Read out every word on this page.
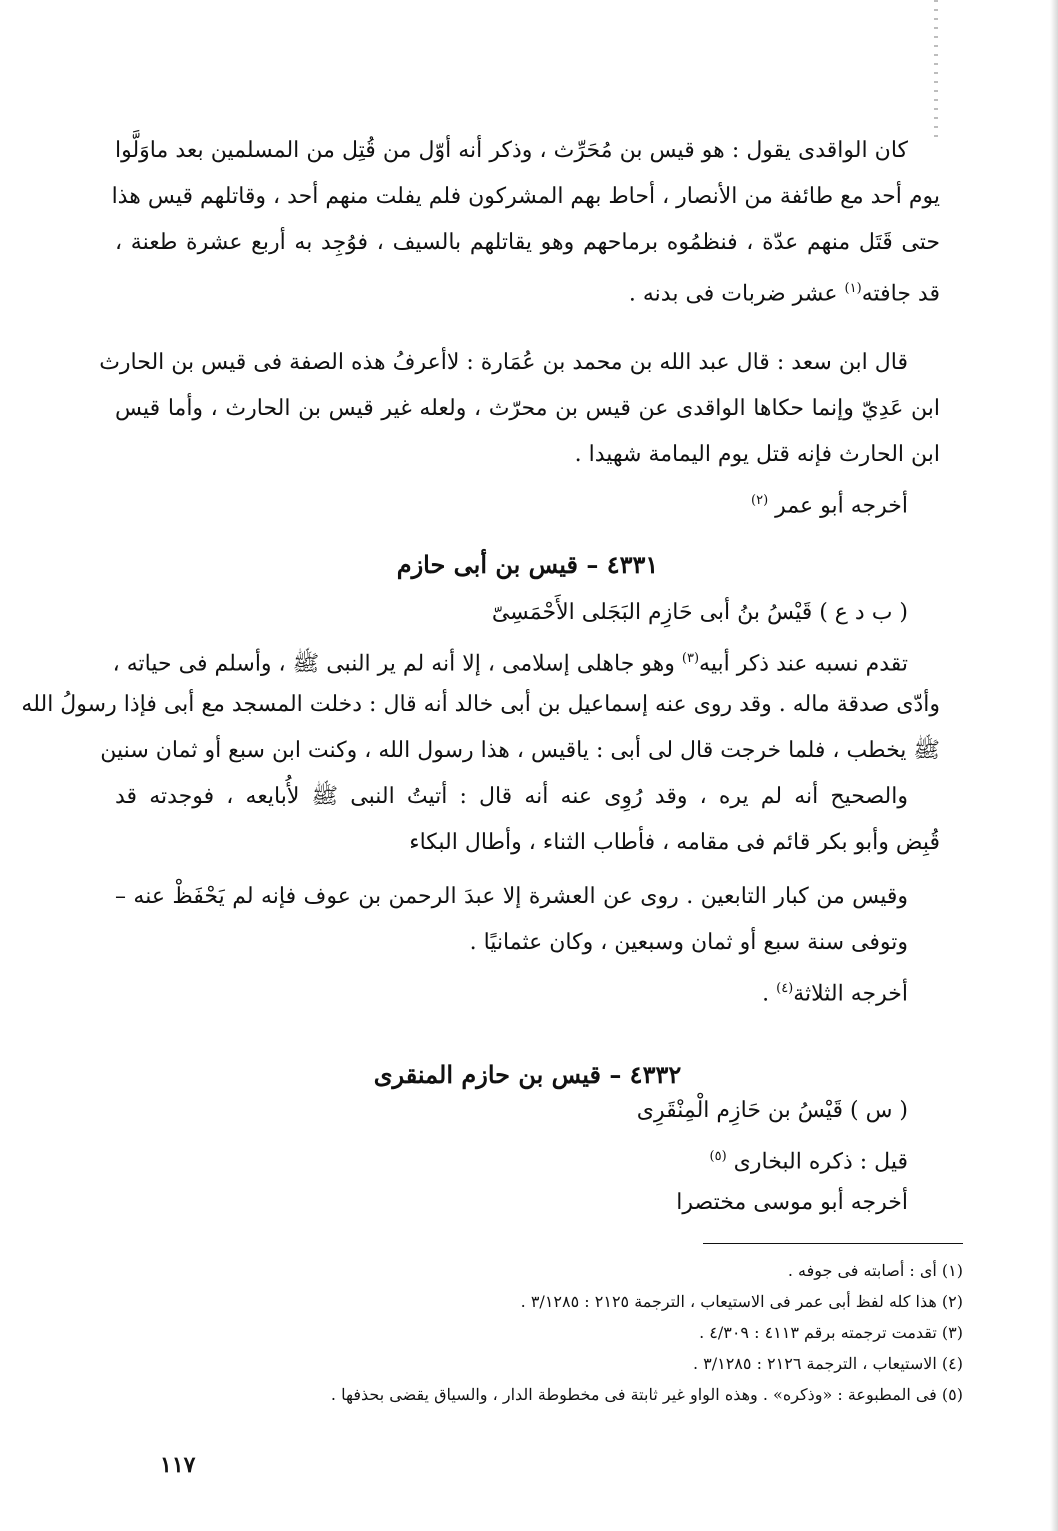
كان الواقدى يقول : هو قيس بن مُحَرِّث ، وذكر أنه أوّل من قُتِل من المسلمين بعد ماوَلَّوا
يوم أحد مع طائفة من الأنصار ، أحاط بهم المشركون فلم يفلت منهم أحد ، وقاتلهم قيس هذا
حتى قَتَل منهم عدّة ، فنظمُوه برماحهم وهو يقاتلهم بالسيف ، فوُجِد به أربع عشرة طعنة ،
قد جافته$^{(١)}$ عشر ضربات فى بدنه .
قال ابن سعد : قال عبد الله بن محمد بن عُمَارة : لاأعرفُ هذه الصفة فى قيس بن الحارث
ابن عَدِيّ وإنما حكاها الواقدى عن قيس بن محرّث ، ولعله غير قيس بن الحارث ، وأما قيس
ابن الحارث فإنه قتل يوم اليمامة شهيدا .
أخرجه أبو عمر $^{(٢)}$
٤٣٣١ – قيس بن أبى حازم
( ب د ع ) قَيْسُ بنُ أبى حَازِم البَجَلى الأَحْمَسِىّ
تقدم نسبه عند ذكر أبيه$^{(٣)}$ وهو جاهلى إسلامى ، إلا أنه لم ير النبى ﷺ ، وأسلم فى حياته ،
وأدّى صدقة ماله . وقد روى عنه إسماعيل بن أبى خالد أنه قال : دخلت المسجد مع أبى فإذا رسولُ الله
ﷺ يخطب ، فلما خرجت قال لى أبى : ياقيس ، هذا رسول الله ، وكنت ابن سبع أو ثمان سنين
والصحيح أنه لم يره ، وقد رُوِى عنه أنه قال : أتيتُ النبى ﷺ لأُبايعه ، فوجدته قد
قُبِض وأبو بكر قائم فى مقامه ، فأطاب الثناء ، وأطال البكاء
وقيس من كبار التابعين . روى عن العشرة إلا عبدَ الرحمن بن عوف فإنه لم يَحْفَظْ عنه –
وتوفى سنة سبع أو ثمان وسبعين ، وكان عثمانيًا .
أخرجه الثلاثة$^{(٤)}$ .
٤٣٣٢ – قيس بن حازم المنقرى
( س ) قَيْسُ بن حَازِم الْمِنْقَرِى
قيل : ذكره البخارى $^{(٥)}$
أخرجه أبو موسى مختصرا
(١) أى : أصابته فى جوفه .
(٢) هذا كله لفظ أبى عمر فى الاستيعاب ، الترجمة ٢١٢٥ : ٣/١٢٨٥ .
(٣) تقدمت ترجمته برقم ٤١١٣ : ٤/٣٠٩ .
(٤) الاستيعاب ، الترجمة ٢١٢٦ : ٣/١٢٨٥ .
(٥) فى المطبوعة : «وذكره» . وهذه الواو غير ثابتة فى مخطوطة الدار ، والسياق يقضى بحذفها .
١١٧
